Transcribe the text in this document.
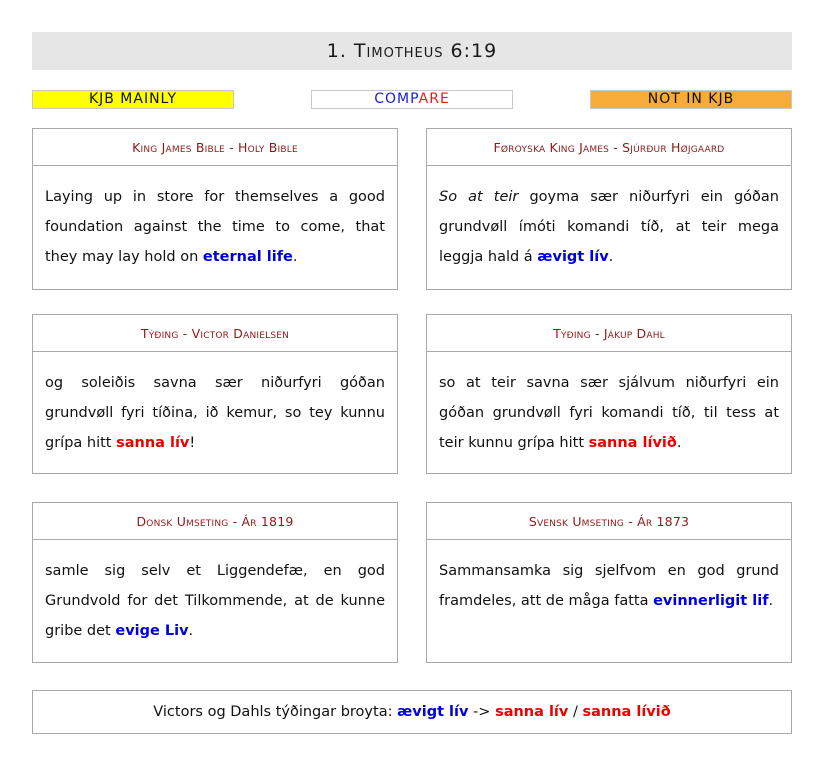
1. Timotheus 6:19
KJB MAINLY	COMPARE	NOT IN KJB
King James Bible - Holy Bible
Laying up in store for themselves a good foundation against the time to come, that they may lay hold on eternal life.
Føroyska King James - Sjúrður Højgaard
So at teir goyma sær niðurfyri ein góðan grundvøll ímóti komandi tíð, at teir mega leggja hald á ævigt lív.
Týðing - Victor Danielsen
og soleiðis savna sær niðurfyri góðan grundvøll fyri tíðina, ið kemur, so tey kunnu grípa hitt sanna lív!
Týðing - Jákup Dahl
so at teir savna sær sjálvum niðurfyri ein góðan grundvøll fyri komandi tíð, til tess at teir kunnu grípa hitt sanna lívið.
Donsk Umseting - Ár 1819
samle sig selv et Liggendefæ, en god Grundvold for det Tilkommende, at de kunne gribe det evige Liv.
Svensk Umseting - Ár 1873
Sammansamka sig sjelfvom en god grund framdeles, att de måga fatta evinnerligit lif.
Victors og Dahls týðingar broyta: ævigt lív -> sanna lív / sanna lívið
